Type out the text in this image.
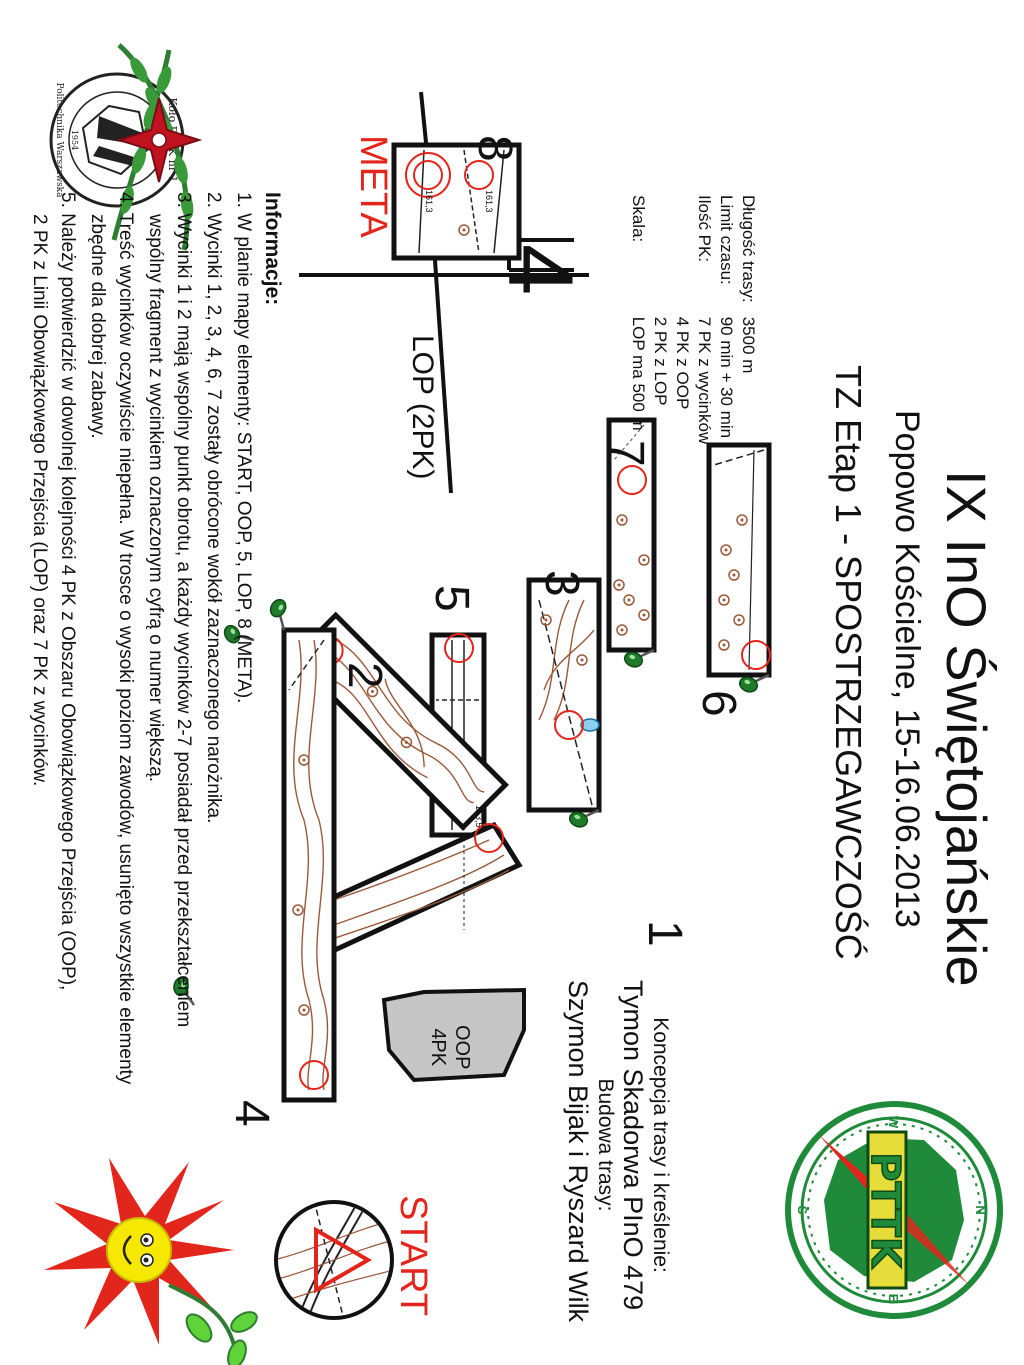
PTTK	N
E
S
W
Politechnika Warszawska 1954
IX InO Świętojańskie
Popowo Kościelne, 15-16.06.2013
TZ Etap 1 - SPOSTRZEGAWCZOŚĆ
Koncepcja trasy i kreślenie:
Tymon Skadorwa PInO 479
Budowa trasy:
Szymon Bijak i Ryszard Wilk
Długość trasy:	3500 m
Limit czasu:	90 min + 30 min
Ilość PK:	7 PK z wycinków
	4 PK z OOP
	2 PK z LOP
Skala:	LOP ma 500 m
Informacje:
1. W planie mapy elementy: START, OOP, 5, LOP, 8 (META).
2. Wycinki 1, 2, 3, 4, 6, 7 zostały obrócone wokół zaznaczonego narożnika.
3. Wycinki 1 i 2 mają wspólny punkt obrotu, a każdy wycinków 2-7 posiadał przed przekształceniem
wspólny fragment z wycinkiem oznaczonym cyfrą o numer większą.
4. Treść wycinków oczywiście niepełna. W trosce o wysoki poziom zawodów, usunięto wszystkie elementy
zbędne dla dobrej zabawy.
5. Należy potwierdzić w dowolnej kolejności 4 PK z Obszaru Obowiązkowego Przejścia (OOP),
2 PK z Linii Obowiązkowego Przejścia (LOP) oraz 7 PK z wycinków.
START
META
OOP
4PK
LOP (2PK)
4
1
2
3
4
5
6
7
8
163,5
161,3
161,3
